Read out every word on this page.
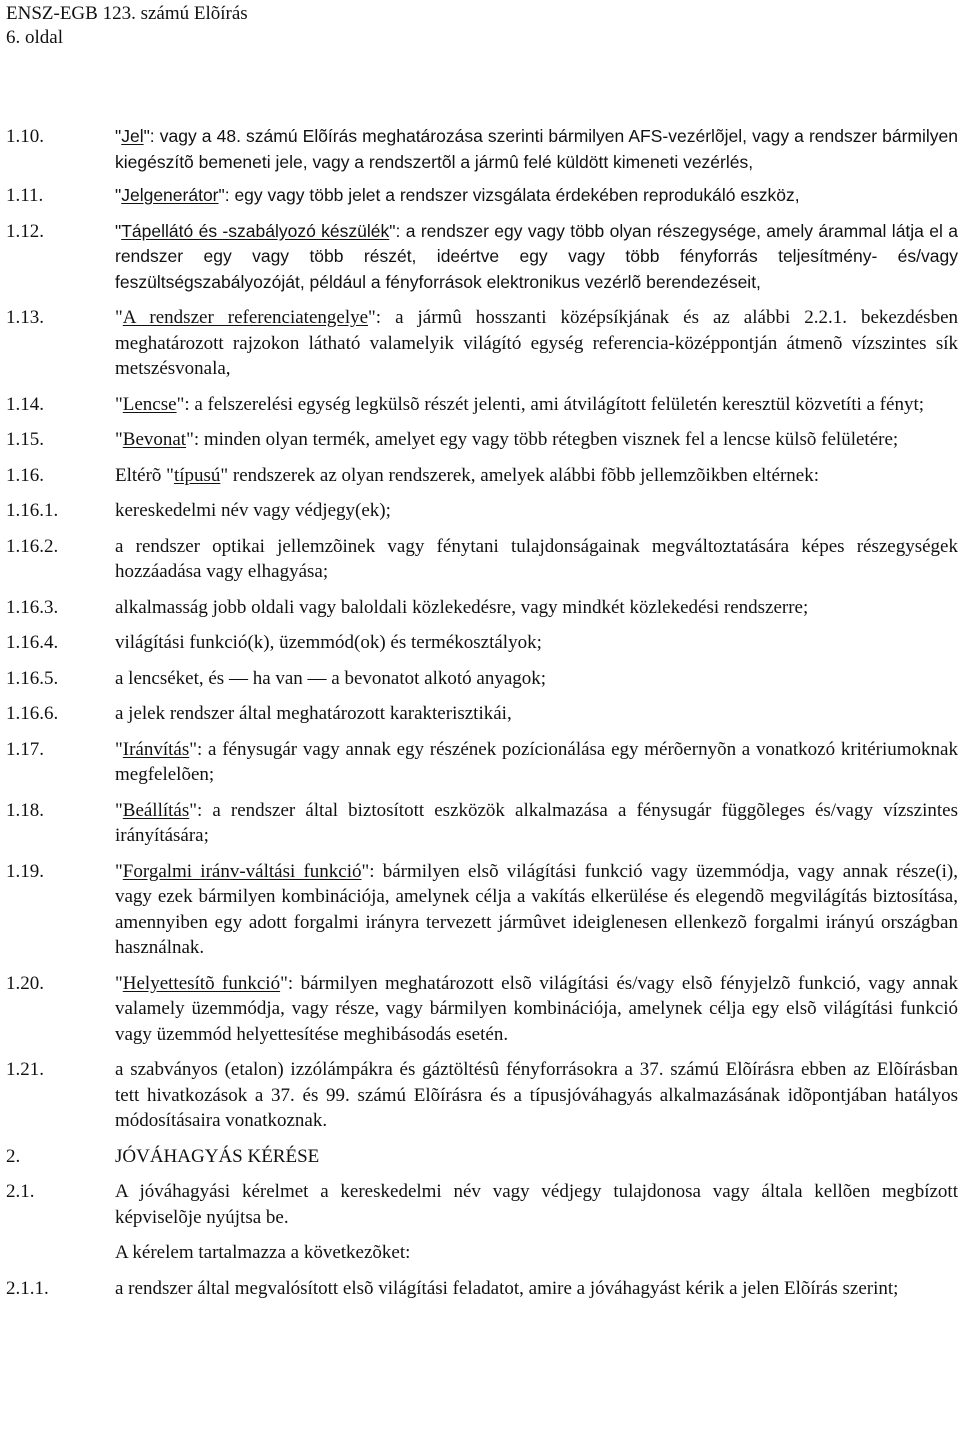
ENSZ-EGB 123. számú Elõírás
6. oldal
1.10.	"Jel": vagy a 48. számú Elõírás meghatározása szerinti bármilyen AFS-vezérlõjel, vagy a rendszer bármilyen kiegészítõ bemeneti jele, vagy a rendszertõl a jármû felé küldött kimeneti vezérlés,
1.11.	"Jelgenerátor": egy vagy több jelet a rendszer vizsgálata érdekében reprodukáló eszköz,
1.12.	"Tápellátó és -szabályozó készülék": a rendszer egy vagy több olyan részegysége, amely árammal látja el a rendszer egy vagy több részét, ideértve egy vagy több fényforrás teljesítmény- és/vagy feszültségszabályozóját, például a fényforrások elektronikus vezérlõ berendezéseit,
1.13.	"A rendszer referenciatengelye": a jármû hosszanti középsíkjának és az alábbi 2.2.1. bekezdésben meghatározott rajzokon látható valamelyik világító egység referencia-középpontján átmenõ vízszintes sík metszésvonala,
1.14.	"Lencse": a felszerelési egység legkülsõ részét jelenti, ami átvilágított felületén keresztül közvetíti a fényt;
1.15.	"Bevonat": minden olyan termék, amelyet egy vagy több rétegben visznek fel a lencse külsõ felületére;
1.16.	Eltérõ "típusú" rendszerek az olyan rendszerek, amelyek alábbi fõbb jellemzõikben eltérnek:
1.16.1.	kereskedelmi név vagy védjegy(ek);
1.16.2.	a rendszer optikai jellemzõinek vagy fénytani tulajdonságainak megváltoztatására képes részegységek hozzáadása vagy elhagyása;
1.16.3.	alkalmasság jobb oldali vagy baloldali közlekedésre, vagy mindkét közlekedési rendszerre;
1.16.4.	világítási funkció(k), üzemmód(ok) és termékosztályok;
1.16.5.	a lencséket, és — ha van — a bevonatot alkotó anyagok;
1.16.6.	a jelek rendszer által meghatározott karakterisztikái,
1.17.	"Iránvítás": a fénysugár vagy annak egy részének pozícionálása egy mérõernyõn a vonatkozó kritériumoknak megfelelõen;
1.18.	"Beállítás": a rendszer által biztosított eszközök alkalmazása a fénysugár függõleges és/vagy vízszintes irányítására;
1.19.	"Forgalmi iránv-váltási funkció": bármilyen elsõ világítási funkció vagy üzemmódja, vagy annak része(i), vagy ezek bármilyen kombinációja, amelynek célja a vakítás elkerülése és elegendõ megvilágítás biztosítása, amennyiben egy adott forgalmi irányra tervezett jármûvet ideiglenesen ellenkezõ forgalmi irányú országban használnak.
1.20.	"Helyettesítõ funkció": bármilyen meghatározott elsõ világítási és/vagy elsõ fényjelzõ funkció, vagy annak valamely üzemmódja, vagy része, vagy bármilyen kombinációja, amelynek célja egy elsõ világítási funkció vagy üzemmód helyettesítése meghibásodás esetén.
1.21.	a szabványos (etalon) izzólámpákra és gáztöltésû fényforrásokra a 37. számú Elõírásra ebben az Elõírásban tett hivatkozások a 37. és 99. számú Elõírásra és a típusjóváhagyás alkalmazásának idõpontjában hatályos módosításaira vonatkoznak.
2.	JÓVÁHAGYÁS KÉRÉSE
2.1.	A jóváhagyási kérelmet a kereskedelmi név vagy védjegy tulajdonosa vagy általa kellõen megbízott képviselõje nyújtsa be.
A kérelem tartalmazza a következõket:
2.1.1.	a rendszer által megvalósított elsõ világítási feladatot, amire a jóváhagyást kérik a jelen Elõírás szerint;
